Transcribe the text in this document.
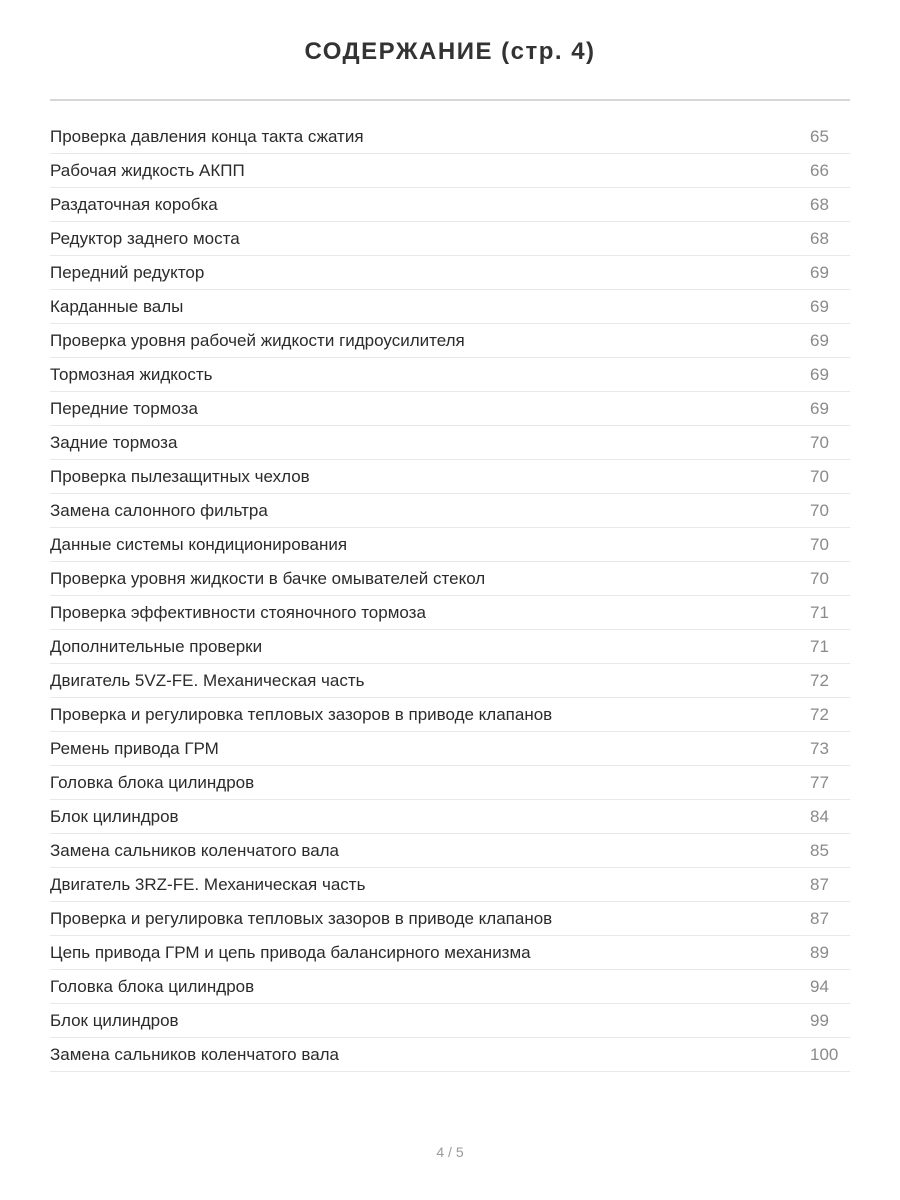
СОДЕРЖАНИЕ (стр. 4)
Проверка давления конца такта сжатия	65
Рабочая жидкость АКПП	66
Раздаточная коробка	68
Редуктор заднего моста	68
Передний редуктор	69
Карданные валы	69
Проверка уровня рабочей жидкости гидроусилителя	69
Тормозная жидкость	69
Передние тормоза	69
Задние тормоза	70
Проверка пылезащитных чехлов	70
Замена салонного фильтра	70
Данные системы кондиционирования	70
Проверка уровня жидкости в бачке омывателей стекол	70
Проверка эффективности стояночного тормоза	71
Дополнительные проверки	71
Двигатель 5VZ-FE. Механическая часть	72
Проверка и регулировка тепловых зазоров в приводе клапанов	72
Ремень привода ГРМ	73
Головка блока цилиндров	77
Блок цилиндров	84
Замена сальников коленчатого вала	85
Двигатель 3RZ-FE. Механическая часть	87
Проверка и регулировка тепловых зазоров в приводе клапанов	87
Цепь привода ГРМ и цепь привода балансирного механизма	89
Головка блока цилиндров	94
Блок цилиндров	99
Замена сальников коленчатого вала	100
4 / 5
